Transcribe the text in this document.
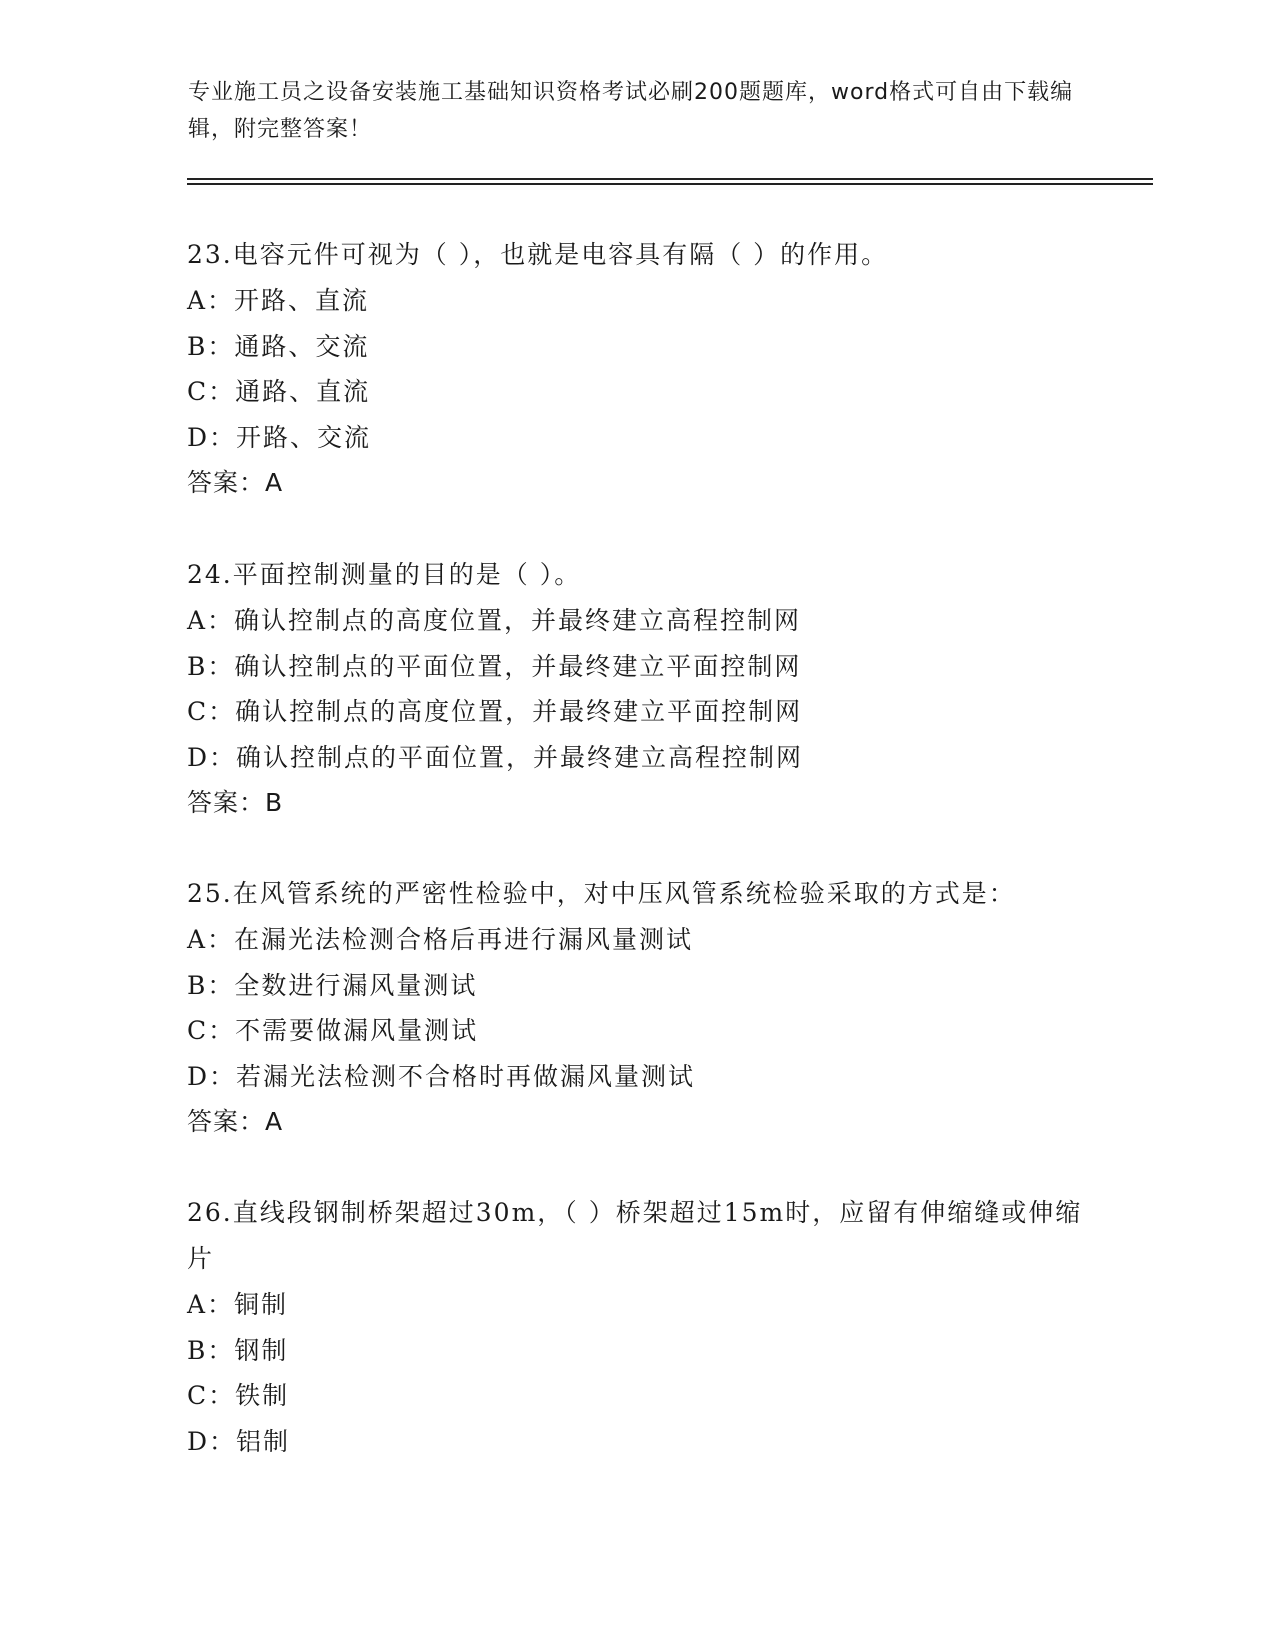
专业施工员之设备安装施工基础知识资格考试必刷200题题库，word格式可自由下载编辑，附完整答案！
23.电容元件可视为（ ），也就是电容具有隔（ ）的作用。
A：开路、直流
B：通路、交流
C：通路、直流
D：开路、交流
答案：A
24.平面控制测量的目的是（ ）。
A：确认控制点的高度位置，并最终建立高程控制网
B：确认控制点的平面位置，并最终建立平面控制网
C：确认控制点的高度位置，并最终建立平面控制网
D：确认控制点的平面位置，并最终建立高程控制网
答案：B
25.在风管系统的严密性检验中，对中压风管系统检验采取的方式是：
A：在漏光法检测合格后再进行漏风量测试
B：全数进行漏风量测试
C：不需要做漏风量测试
D：若漏光法检测不合格时再做漏风量测试
答案：A
26.直线段钢制桥架超过30m，（ ）桥架超过15m时，应留有伸缩缝或伸缩片
A：铜制
B：钢制
C：铁制
D：铝制
